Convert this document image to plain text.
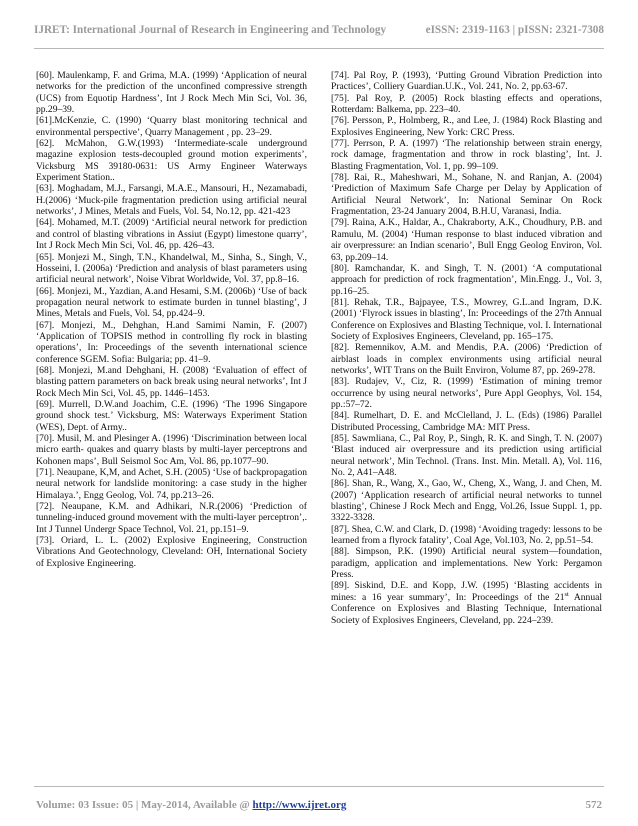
IJRET: International Journal of Research in Engineering and Technology	eISSN: 2319-1163 | pISSN: 2321-7308

[60]. Maulenkamp, F. and Grima, M.A. (1999) ‘Application of neural networks for the prediction of the unconfined compressive strength (UCS) from Equotip Hardness’, Int J Rock Mech Min Sci, Vol. 36, pp.29–39.

[61].McKenzie, C. (1990) ‘Quarry blast monitoring technical and environmental perspective’, Quarry Management , pp. 23–29.

[62]. McMahon, G.W.(1993) ‘Intermediate-scale underground magazine explosion tests-decoupled ground motion experiments’, Vicksburg MS 39180-0631: US Army Engineer Waterways Experiment Station..

[63]. Moghadam, M.J., Farsangi, M.A.E., Mansouri, H., Nezamabadi, H.(2006) ‘Muck-pile fragmentation prediction using artificial neural networks’, J Mines, Metals and Fuels, Vol. 54, No.12, pp. 421-423

[64]. Mohamed, M.T. (2009) ‘Artificial neural network for prediction and control of blasting vibrations in Assiut (Egypt) limestone quarry’, Int J Rock Mech Min Sci, Vol. 46, pp. 426–43.

[65]. Monjezi M., Singh, T.N., Khandelwal, M., Sinha, S., Singh, V., Hosseini, I. (2006a) ‘Prediction and analysis of blast parameters using artificial neural network’, Noise Vibrat Worldwide, Vol. 37, pp.8–16.

[66]. Monjezi, M., Yazdian, A.and Hesami, S.M. (2006b) ‘Use of back propagation neural network to estimate burden in tunnel blasting’, J Mines, Metals and Fuels, Vol. 54, pp.424–9.

[67]. Monjezi, M., Dehghan, H.and Samimi Namin, F. (2007) ‘Application of TOPSIS method in controlling fly rock in blasting operations’, In: Proceedings of the seventh international science conference SGEM. Sofia: Bulgaria; pp. 41–9.

[68]. Monjezi, M.and Dehghani, H. (2008) ‘Evaluation of effect of blasting pattern parameters on back break using neural networks’, Int J Rock Mech Min Sci, Vol. 45, pp. 1446–1453.

[69]. Murrell, D.W.and Joachim, C.E. (1996) ‘The 1996 Singapore ground shock test.’ Vicksburg, MS: Waterways Experiment Station (WES), Dept. of Army..

[70]. Musil, M. and Plesinger A. (1996) ‘Discrimination between local micro earth- quakes and quarry blasts by multi-layer perceptrons and Kohonen maps’, Bull Seismol Soc Am, Vol. 86, pp.1077–90.

[71]. Neaupane, K,M, and Achet, S.H. (2005) ‘Use of backpropagation neural network for landslide monitoring: a case study in the higher Himalaya.’, Engg Geolog, Vol. 74, pp.213–26.

[72]. Neaupane, K.M. and Adhikari, N.R.(2006) ‘Prediction of tunneling-induced ground movement with the multi-layer perceptron’,. Int J Tunnel Undergr Space Technol, Vol. 21, pp.151–9.

[73]. Oriard, L. L. (2002) Explosive Engineering, Construction Vibrations And Geotechnology, Cleveland: OH, International Society of Explosive Engineering.

[74]. Pal Roy, P. (1993), ‘Putting Ground Vibration Prediction into Practices’, Colliery Guardian.U.K., Vol. 241, No. 2, pp.63-67.

[75]. Pal Roy, P. (2005) Rock blasting effects and operations, Rotterdam: Balkema, pp. 223–40.

[76]. Persson, P., Holmberg, R., and Lee, J. (1984) Rock Blasting and Explosives Engineering, New York: CRC Press.

[77]. Perrson, P. A. (1997) ‘The relationship between strain energy, rock damage, fragmentation and throw in rock blasting’, Int. J. Blasting Fragmentation, Vol. 1, pp. 99–109.

[78]. Rai, R., Maheshwari, M., Sohane, N. and Ranjan, A. (2004) ‘Prediction of Maximum Safe Charge per Delay by Application of Artificial Neural Network’, In: National Seminar On Rock Fragmentation, 23-24 January 2004, B.H.U, Varanasi, India.

[79]. Raina, A.K., Haldar, A., Chakraborty, A.K., Choudhury, P.B. and Ramulu, M. (2004) ‘Human response to blast induced vibration and air overpressure: an Indian scenario’, Bull Engg Geolog Environ, Vol. 63, pp.209–14.

[80]. Ramchandar, K. and Singh, T. N. (2001) ‘A computational approach for prediction of rock fragmentation’, Min.Engg. J., Vol. 3, pp.16–25.

[81]. Rehak, T.R., Bajpayee, T.S., Mowrey, G.L.and Ingram, D.K. (2001) ‘Flyrock issues in blasting’, In: Proceedings of the 27th Annual Conference on Explosives and Blasting Technique, vol. I. International Society of Explosives Engineers, Cleveland, pp. 165–175.

[82]. Remennikov, A.M. and Mendis, P.A. (2006) ‘Prediction of airblast loads in complex environments using artificial neural networks’, WIT Trans on the Built Environ, Volume 87, pp. 269-278.

[83]. Rudajev, V., Ciz, R. (1999) ‘Estimation of mining tremor occurrence by using neural networks’, Pure Appl Geophys, Vol. 154, pp.:57–72.

[84]. Rumelhart, D. E. and McClelland, J. L. (Eds) (1986) Parallel Distributed Processing, Cambridge MA: MIT Press.

[85]. Sawmliana, C., Pal Roy, P., Singh, R. K. and Singh, T. N. (2007) ‘Blast induced air overpressure and its prediction using artificial neural network’, Min Technol. (Trans. Inst. Min. Metall. A), Vol. 116, No. 2, A41–A48.

[86]. Shan, R., Wang, X., Gao, W., Cheng, X., Wang, J. and Chen, M. (2007) ‘Application research of artificial neural networks to tunnel blasting’, Chinese J Rock Mech and Engg, Vol.26, Issue Suppl. 1, pp. 3322-3328.

[87]. Shea, C.W. and Clark, D. (1998) ‘Avoiding tragedy: lessons to be learned from a flyrock fatality’, Coal Age, Vol.103, No. 2, pp.51–54.

[88]. Simpson, P.K. (1990) Artificial neural system—foundation, paradigm, application and implementations. New York: Pergamon Press.

[89]. Siskind, D.E. and Kopp, J.W. (1995) ‘Blasting accidents in mines: a 16 year summary’, In: Proceedings of the 21st Annual Conference on Explosives and Blasting Technique, International Society of Explosives Engineers, Cleveland, pp. 224–239.

Volume: 03 Issue: 05 | May-2014, Available @ http://www.ijret.org	572
